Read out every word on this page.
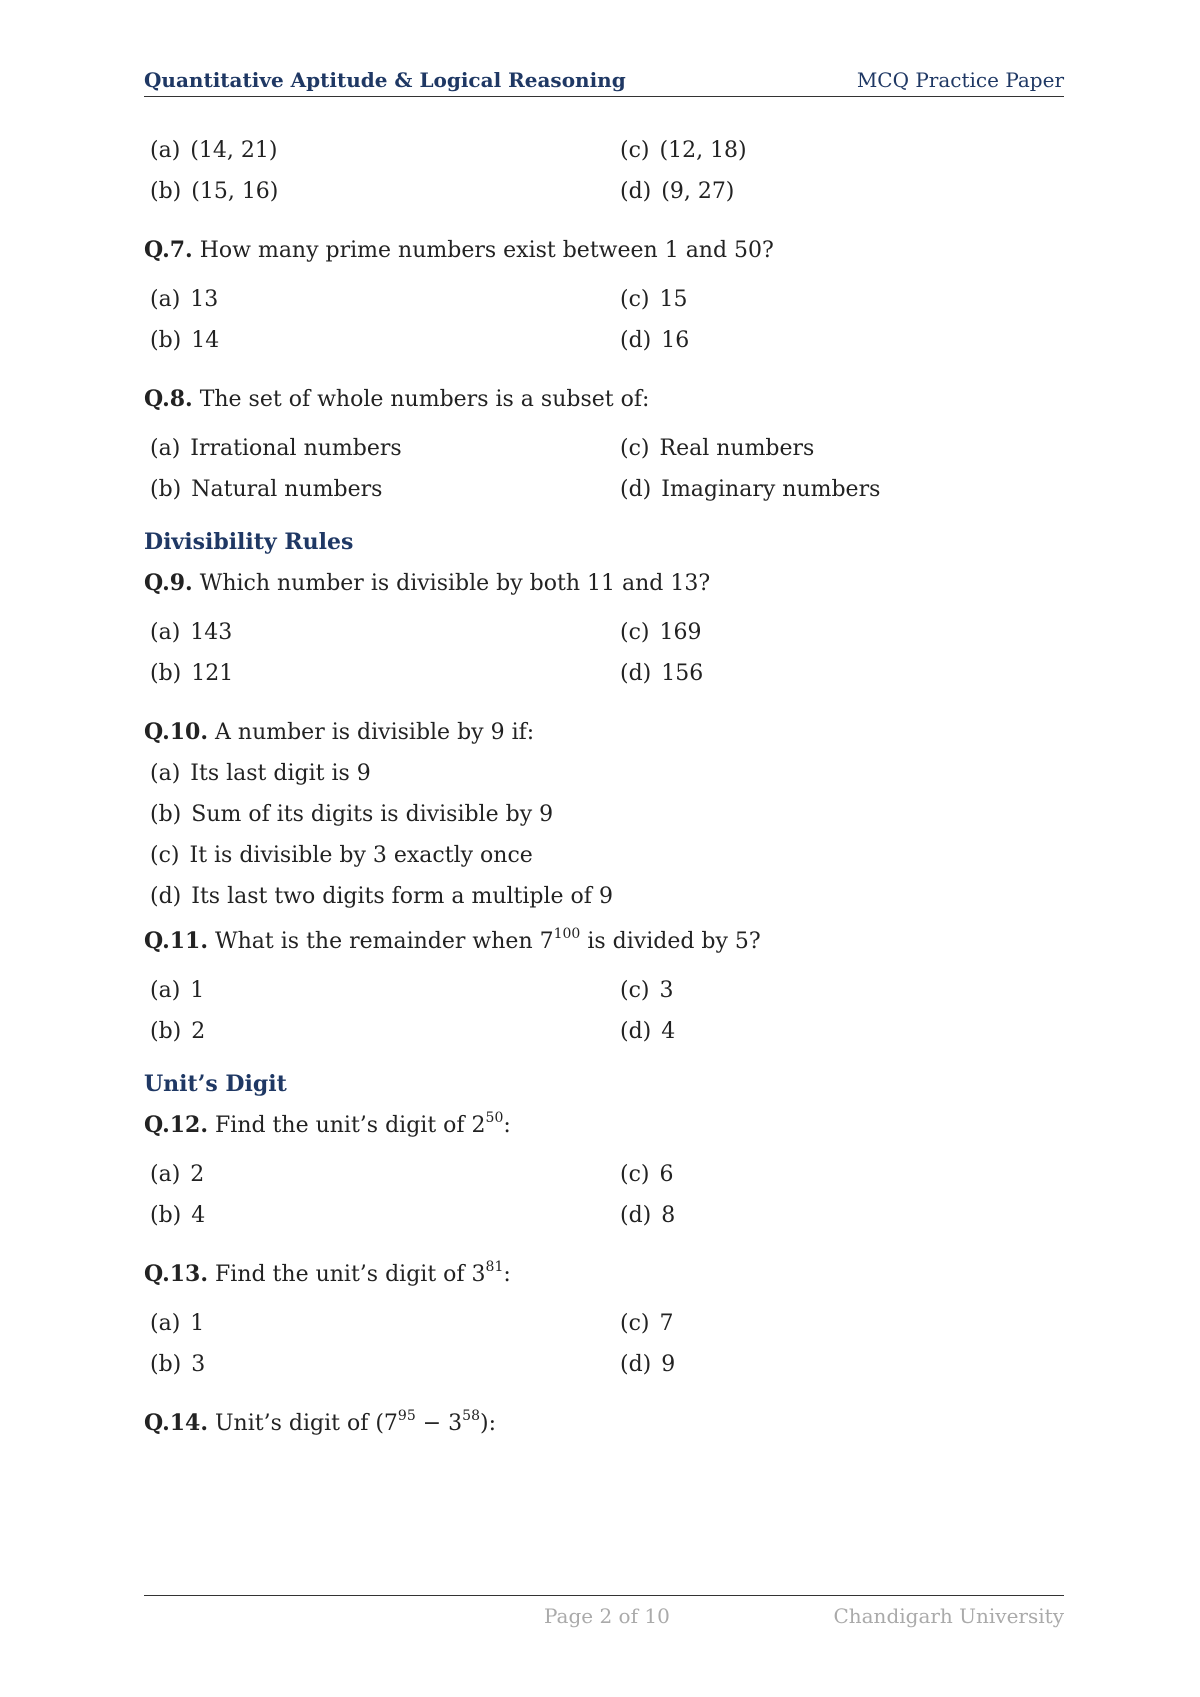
Quantitative Aptitude & Logical Reasoning	MCQ Practice Paper
(a) (14, 21)	(c) (12, 18)
(b) (15, 16)	(d) (9, 27)
Q.7. How many prime numbers exist between 1 and 50?
(a) 13	(c) 15
(b) 14	(d) 16
Q.8. The set of whole numbers is a subset of:
(a) Irrational numbers	(c) Real numbers
(b) Natural numbers	(d) Imaginary numbers
Divisibility Rules
Q.9. Which number is divisible by both 11 and 13?
(a) 143	(c) 169
(b) 121	(d) 156
Q.10. A number is divisible by 9 if:
(a) Its last digit is 9
(b) Sum of its digits is divisible by 9
(c) It is divisible by 3 exactly once
(d) Its last two digits form a multiple of 9
Q.11. What is the remainder when $7^{100}$ is divided by 5?
(a) 1	(c) 3
(b) 2	(d) 4
Unit’s Digit
Q.12. Find the unit’s digit of $2^{50}$:
(a) 2	(c) 6
(b) 4	(d) 8
Q.13. Find the unit’s digit of $3^{81}$:
(a) 1	(c) 7
(b) 3	(d) 9
Q.14. Unit’s digit of $(7^{95} - 3^{58})$:
Page 2 of 10	Chandigarh University
